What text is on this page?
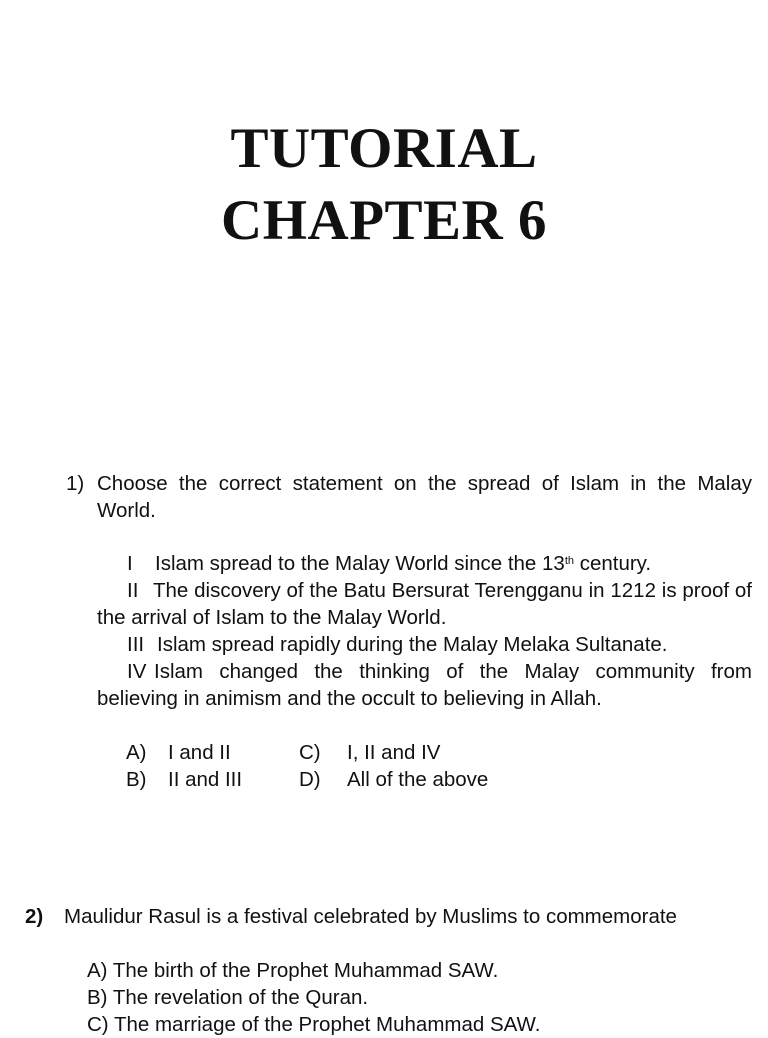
TUTORIAL
CHAPTER 6
1) Choose the correct statement on the spread of Islam in the Malay World.
I Islam spread to the Malay World since the 13th century.
II The discovery of the Batu Bersurat Terengganu in 1212 is proof of the arrival of Islam to the Malay World.
III Islam spread rapidly during the Malay Melaka Sultanate.
IV Islam changed the thinking of the Malay community from believing in animism and the occult to believing in Allah.
A) I and II
B) II and III
C) I, II and IV
D) All of the above
2) Maulidur Rasul is a festival celebrated by Muslims to commemorate
A) The birth of the Prophet Muhammad SAW.
B) The revelation of the Quran.
C) The marriage of the Prophet Muhammad SAW.
